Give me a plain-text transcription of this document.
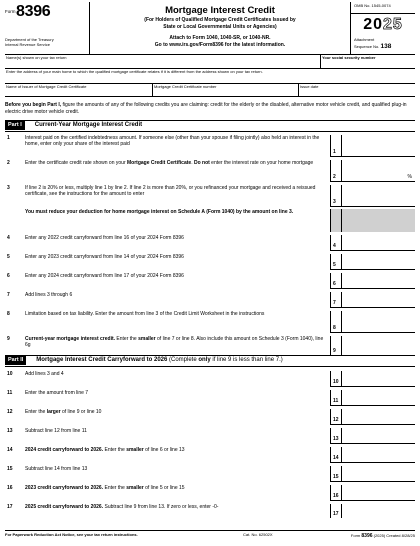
Form 8396
Department of the Treasury
Internal Revenue Service
Mortgage Interest Credit
(For Holders of Qualified Mortgage Credit Certificates Issued by
State or Local Governmental Units or Agencies)
Attach to Form 1040, 1040-SR, or 1040-NR.
Go to www.irs.gov/Form8396 for the latest information.
OMB No. 1545-0074
2025
Attachment
Sequence No. 138
Name(s) shown on your tax return	Your social security number
Enter the address of your main home to which the qualified mortgage certificate relates if it is different from the address shown on your tax return.
Name of Issuer of Mortgage Credit Certificate	Mortgage Credit Certificate number	Issue date
Before you begin Part I, figure the amounts of any of the following credits you are claiming: credit for the elderly or the disabled, alternative motor vehicle credit, and qualified plug-in electric drive motor vehicle credit.
Part I	Current-Year Mortgage Interest Credit
1	Interest paid on the certified indebtedness amount. If someone else (other than your spouse if filing jointly) also held an interest in the home, enter only your share of the interest paid
1
2	Enter the certificate credit rate shown on your Mortgage Credit Certificate. Do not enter the interest rate on your home mortgage
2	%
3	If line 2 is 20% or less, multiply line 1 by line 2. If line 2 is more than 20%, or you refinanced your mortgage and received a reissued certificate, see the instructions for the amount to enter
3
You must reduce your deduction for home mortgage interest on Schedule A (Form 1040) by the amount on line 3.
4	Enter any 2022 credit carryforward from line 16 of your 2024 Form 8396
4
5	Enter any 2023 credit carryforward from line 14 of your 2024 Form 8396
5
6	Enter any 2024 credit carryforward from line 17 of your 2024 Form 8396
6
7	Add lines 3 through 6
7
8	Limitation based on tax liability. Enter the amount from line 3 of the Credit Limit Worksheet in the instructions
8
9	Current-year mortgage interest credit. Enter the smaller of line 7 or line 8. Also include this amount on Schedule 3 (Form 1040), line 6g
9
Part II	Mortgage Interest Credit Carryforward to 2026 (Complete only if line 9 is less than line 7.)
10	Add lines 3 and 4
10
11	Enter the amount from line 7
11
12	Enter the larger of line 9 or line 10
12
13	Subtract line 12 from line 11
13
14	2024 credit carryforward to 2026. Enter the smaller of line 6 or line 13
14
15	Subtract line 14 from line 13
15
16	2023 credit carryforward to 2026. Enter the smaller of line 5 or line 15
16
17	2025 credit carryforward to 2026. Subtract line 9 from line 13. If zero or less, enter -0-
17
For Paperwork Reduction Act Notice, see your tax return instructions.	Cat. No. 62502X	Form 8396 (2025) Created 8/28/25
